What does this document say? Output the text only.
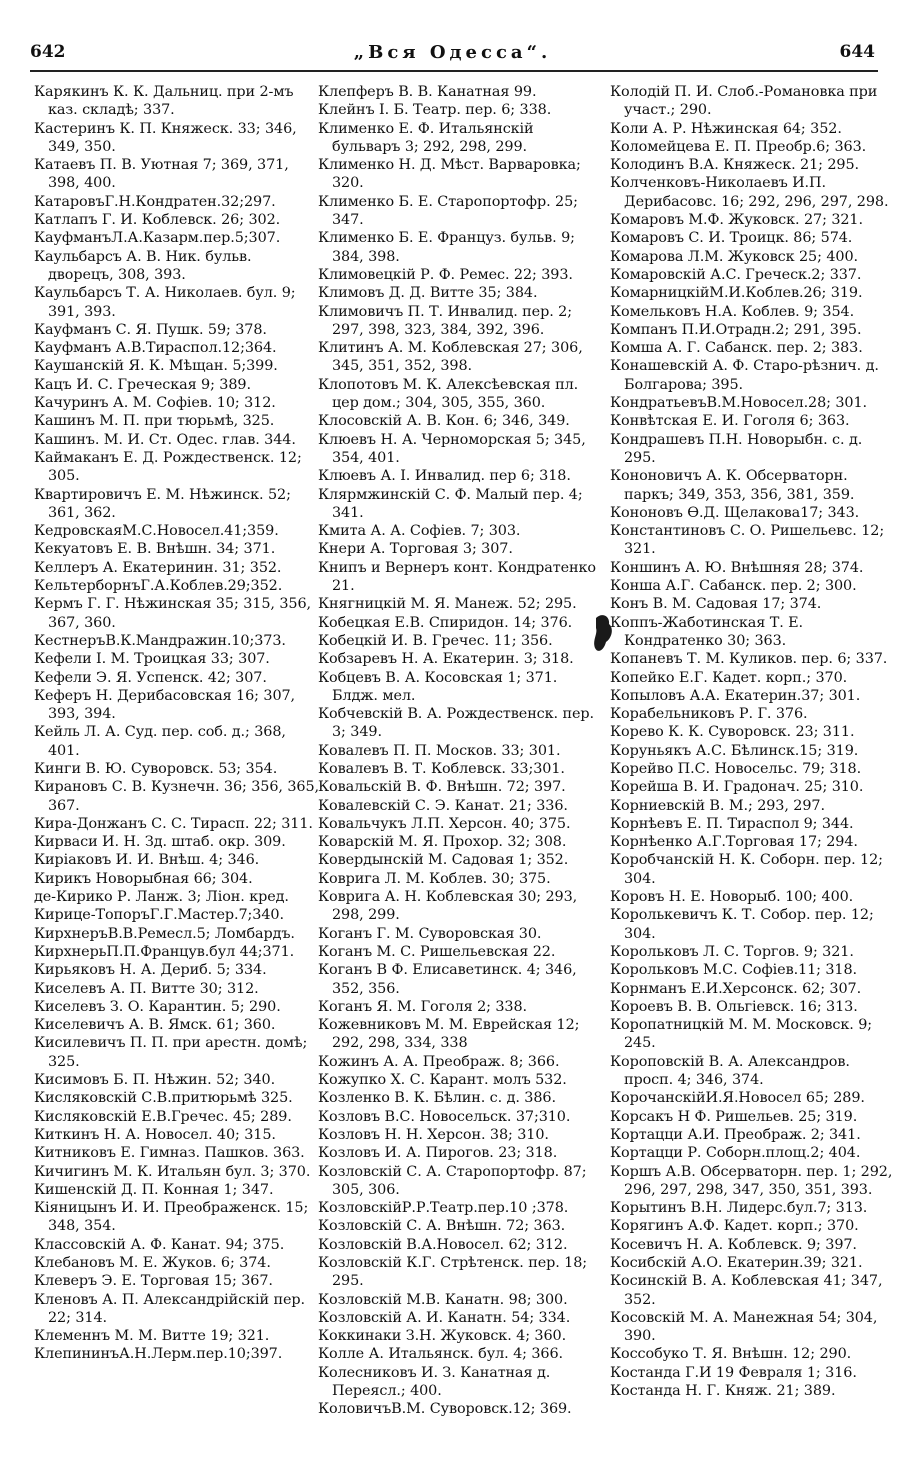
642	„Вся Одесса“.	644

Карякинъ К. К. Дальниц. при 2-мъ каз. складѣ; 337.

Кастеринъ К. П. Княжеск. 33; 346, 349, 350.

Катаевъ П. В. Уютная 7; 369, 371, 398, 400.

КатаровъГ.Н.Кондратен.32;297.

Катлапъ Г. И. Коблевск. 26; 302.

КауфманъЛ.А.Казарм.пер.5;307.

Каульбарсъ А. В. Ник. бульв. дворецъ, 308, 393.

Каульбарсъ Т. А. Николаев. бул. 9; 391, 393.

Кауфманъ С. Я. Пушк. 59; 378.

Кауфманъ А.В.Тираспол.12;364.

Каушанскій Я. К. Мѣщан. 5;399.

Кацъ И. С. Греческая 9; 389.

Качуринъ А. М. Софіев. 10; 312.

Кашинъ М. П. при тюрьмѣ, 325.

Кашинъ. М. И. Ст. Одес. глав. 344.

Каймаканъ Е. Д. Рождественск. 12; 305.

Квартировичъ Е. М. Нѣжинск. 52; 361, 362.

КедровскаяМ.С.Новосел.41;359.

Кекуатовъ Е. В. Внѣшн. 34; 371.

Келлеръ А. Екатеринин. 31; 352.

КельтерборнъГ.А.Коблев.29;352.

Кермъ Г. Г. Нѣжинская 35; 315, 356, 367, 360.

КестнеръВ.К.Мандражин.10;373.

Кефели I. М. Троицкая 33; 307.

Кефели Э. Я. Успенск. 42; 307.

Кеферъ Н. Дерибасовская 16; 307, 393, 394.

Кейль Л. А. Суд. пер. соб. д.; 368, 401.

Кинги В. Ю. Суворовск. 53; 354.

Кирановъ С. В. Кузнечн. 36; 356, 365, 367.

Кира-Донжанъ С. С. Тирасп. 22; 311.

Кирваси И. Н. Зд. штаб. окр. 309.

Киріаковъ И. И. Внѣш. 4; 346.

Кирикъ Новорыбная 66; 304.

де-Кирико Р. Ланж. 3; Ліон. кред.

Кирице-ТопоръГ.Г.Мастер.7;340.

КирхнеръВ.В.Ремесл.5; Ломбардъ.

КирхнерьП.П.Францув.бул 44;371.

Кирьяковъ Н. А. Дериб. 5; 334.

Киселевъ А. П. Витте 30; 312.

Киселевъ З. О. Карантин. 5; 290.

Киселевичъ А. В. Ямск. 61; 360.

Кисилевичъ П. П. при арестн. домѣ; 325.

Кисимовъ Б. П. Нѣжин. 52; 340.

Кисляковскій С.В.притюрьмѣ 325.

Кисляковскій Е.В.Гречес. 45; 289.

Киткинъ Н. А. Новосел. 40; 315.

Китниковъ Е. Гимназ. Пашков. 363.

Кичигинъ М. К. Итальян бул. 3; 370.

Кишенскій Д. П. Конная 1; 347.

Кіяницынъ И. И. Преображенск. 15; 348, 354.

Классовскій А. Ф. Канат. 94; 375.

Клебановъ М. Е. Жуков. 6; 374.

Клеверъ Э. Е. Торговая 15; 367.

Кленовъ А. П. Александрійскій пер. 22; 314.

Клеменнъ М. М. Витте 19; 321.

КлепининъА.Н.Лерм.пер.10;397.

Клепферъ В. В. Канатная 99.

Клейнъ I. Б. Театр. пер. 6; 338.

Клименко Е. Ф. Итальянскій бульваръ 3; 292, 298, 299.

Клименко Н. Д. Мѣст. Варваровка; 320.

Клименко Б. Е. Старопортофр. 25; 347.

Клименко Б. Е. Француз. бульв. 9; 384, 398.

Климовецкій Р. Ф. Ремес. 22; 393.

Климовъ Д. Д. Витте 35; 384.

Климовичъ П. Т. Инвалид. пер. 2; 297, 398, 323, 384, 392, 396.

Клитинъ А. М. Коблевская 27; 306, 345, 351, 352, 398.

Клопотовъ М. К. Алексѣевская пл. цер дом.; 304, 305, 355, 360.

Клосовскій А. В. Кон. 6; 346, 349.

Клюевъ Н. А. Черноморская 5; 345, 354, 401.

Клюевъ А. I. Инвалид. пер 6; 318.

Клярмжинскій С. Ф. Малый пер. 4; 341.

Кмита А. А. Софіев. 7; 303.

Кнери А. Торговая 3; 307.

Книпъ и Вернеръ конт. Кондратенко 21.

Княгницкій М. Я. Манеж. 52; 295.

Кобецкая Е.В. Спиридон. 14; 376.

Кобецкій И. В. Гречес. 11; 356.

Кобзаревъ Н. А. Екатерин. 3; 318.

Кобцевъ В. А. Косовская 1; 371. Блдж. мел.

Кобчевскій В. А. Рождественск. пер. 3; 349.

Ковалевъ П. П. Москов. 33; 301.

Ковалевъ В. Т. Коблевск. 33;301.

Ковальскій В. Ф. Внѣшн. 72; 397.

Ковалевскій С. Э. Канат. 21; 336.

Ковальчукъ Л.П. Херсон. 40; 375.

Коварскій М. Я. Прохор. 32; 308.

Ковердынскій М. Садовая 1; 352.

Коврига Л. М. Коблев. 30; 375.

Коврига А. Н. Коблевская 30; 293, 298, 299.

Коганъ Г. М. Суворовская 30.

Коганъ М. С. Ришельевская 22.

Коганъ В Ф. Елисаветинск. 4; 346, 352, 356.

Коганъ Я. М. Гоголя 2; 338.

Кожевниковъ М. М. Еврейская 12; 292, 298, 334, 338

Кожинъ А. А. Преображ. 8; 366.

Кожупко Х. С. Карант. молъ 532.

Козленко В. К. Бѣлин. с. д. 386.

Козловъ В.С. Новосельск. 37;310.

Козловъ Н. Н. Херсон. 38; 310.

Козловъ И. А. Пирогов. 23; 318.

Козловскій С. А. Старопортофр. 87; 305, 306.

КозловскійР.Р.Театр.пер.10 ;378.

Козловскій С. А. Внѣшн. 72; 363.

Козловскій В.А.Новосел. 62; 312.

Козловскій К.Г. Стрѣтенск. пер. 18; 295.

Козловскій М.В. Канатн. 98; 300.

Козловскій А. И. Канатн. 54; 334.

Коккинаки З.Н. Жуковск. 4; 360.

Колле А. Итальянск. бул. 4; 366.

Колесниковъ И. З. Канатная д. Переясл.; 400.

КоловичъВ.М. Суворовск.12; 369.

Колодій П. И. Слоб.-Романовка при участ.; 290.

Коли А. Р. Нѣжинская 64; 352.

Коломейцева Е. П. Преобр.6; 363.

Колодинъ В.А. Княжеск. 21; 295.

Колченковъ-Николаевъ И.П. Дерибасовс. 16; 292, 296, 297, 298.

Комаровъ М.Ф. Жуковск. 27; 321.

Комаровъ С. И. Троицк. 86; 574.

Комарова Л.М. Жуковск 25; 400.

Комаровскій А.С. Греческ.2; 337.

КомарницкійМ.И.Коблев.26; 319.

Комельковъ Н.А. Коблев. 9; 354.

Компанъ П.И.Отрадн.2; 291, 395.

Комша А. Г. Сабанск. пер. 2; 383.

Конашевскій А. Ф. Старо-рѣзнич. д. Болгарова; 395.

КондратьевъВ.М.Новосел.28; 301.

Конвѣтская Е. И. Гоголя 6; 363.

Кондрашевъ П.Н. Новорыбн. с. д. 295.

Кононовичъ А. К. Обсерваторн. паркъ; 349, 353, 356, 381, 359.

Кононовъ Ѳ.Д. Щелакова17; 343.

Константиновъ С. О. Ришельевс. 12; 321.

Коншинъ А. Ю. Внѣшняя 28; 374.

Конша А.Г. Сабанск. пер. 2; 300.

Конъ В. М. Садовая 17; 374.

Коппъ-Жаботинская Т. Е. Кондратенко 30; 363.

Копаневъ Т. М. Куликов. пер. 6; 337.

Копейко Е.Г. Кадет. корп.; 370.

Копыловъ А.А. Екатерин.37; 301.

Корабельниковъ Р. Г. 376.

Корево К. К. Суворовск. 23; 311.

Коруньякъ А.С. Бѣлинск.15; 319.

Корейво П.С. Новосельс. 79; 318.

Корейша В. И. Градонач. 25; 310.

Корниевскій В. М.; 293, 297.

Корнѣевъ Е. П. Тираспол 9; 344.

Корнѣенко А.Г.Торговая 17; 294.

Коробчанскій Н. К. Соборн. пер. 12; 304.

Коровъ Н. Е. Новорыб. 100; 400.

Королькевичъ К. Т. Собор. пер. 12; 304.

Корольковъ Л. С. Торгов. 9; 321.

Корольковъ М.С. Софіев.11; 318.

Корнманъ Е.И.Херсонск. 62; 307.

Короевъ В. В. Ольгіевск. 16; 313.

Коропатницкій М. М. Московск. 9; 245.

Короповскій В. А. Александров. просп. 4; 346, 374.

КорочанскійИ.Я.Новосел 65; 289.

Корсакъ Н Ф. Ришельев. 25; 319.

Кортацци А.И. Преображ. 2; 341.

Кортацци Р. Соборн.площ.2; 404.

Коршъ А.В. Обсерваторн. пер. 1; 292, 296, 297, 298, 347, 350, 351, 393.

Корытинъ В.Н. Лидерс.бул.7; 313.

Корягинъ А.Ф. Кадет. корп.; 370.

Косевичъ Н. А. Коблевск. 9; 397.

Косибскій А.О. Екатерин.39; 321.

Косинскій В. А. Коблевская 41; 347, 352.

Косовскій М. А. Манежная 54; 304, 390.

Коссобуко Т. Я. Внѣшн. 12; 290.

Костанда Г.И 19 Февраля 1; 316.

Костанда Н. Г. Княж. 21; 389.
